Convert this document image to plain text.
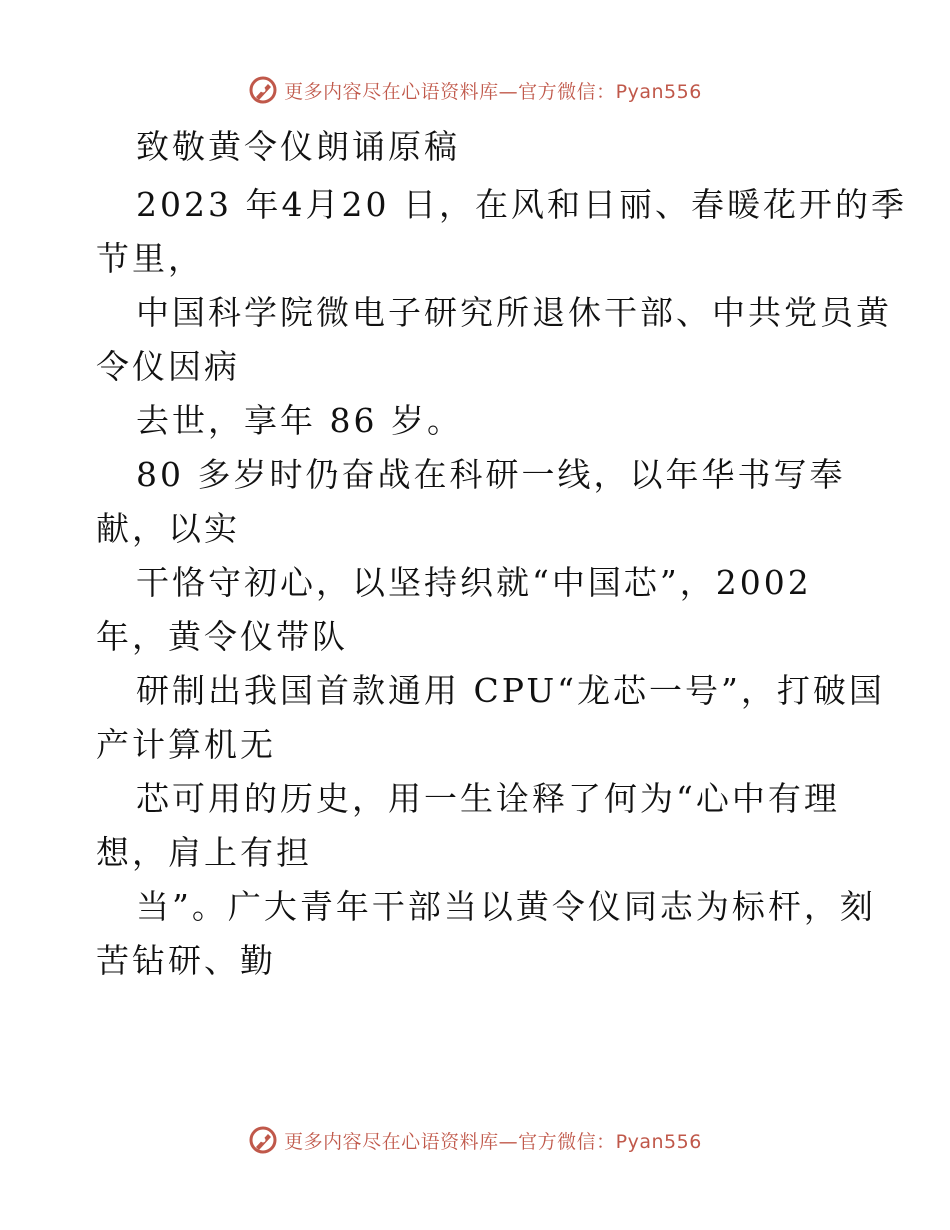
更多内容尽在心语资料库—官方微信：Pyan556
致敬黄令仪朗诵原稿
2023 年4月20 日，在风和日丽、春暖花开的季
节里，
中国科学院微电子研究所退休干部、中共党员黄
令仪因病
去世，享年 86 岁。
80 多岁时仍奋战在科研一线，以年华书写奉
献，以实
干恪守初心，以坚持织就“中国芯”，2002
年，黄令仪带队
研制出我国首款通用 CPU“龙芯一号”，打破国
产计算机无
芯可用的历史，用一生诠释了何为“心中有理
想，肩上有担
当”。广大青年干部当以黄令仪同志为标杆，刻
苦钻研、勤
更多内容尽在心语资料库—官方微信：Pyan556
